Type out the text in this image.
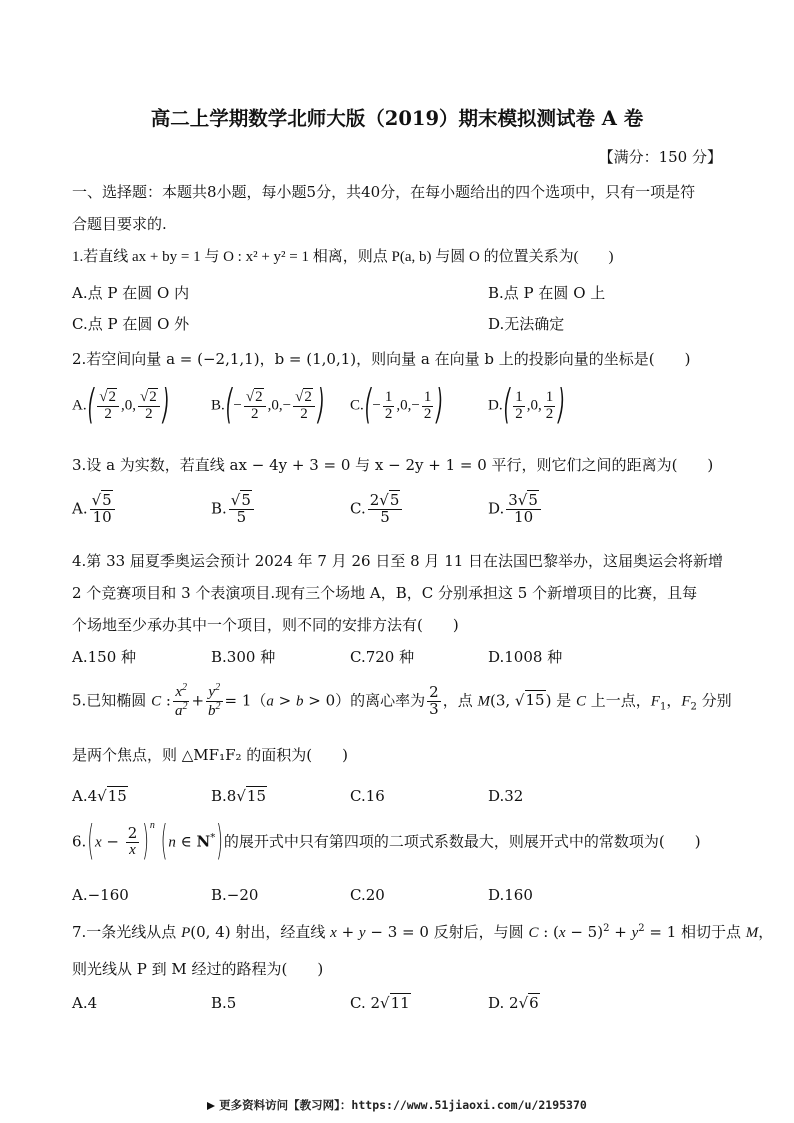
高二上学期数学北师大版（2019）期末模拟测试卷 A 卷
【满分：150 分】
一、选择题：本题共8小题，每小题5分，共40分，在每小题给出的四个选项中，只有一项是符
合题目要求的.
1.若直线 ax + by = 1 与 O : x² + y² = 1 相离，则点 P(a, b) 与圆 O 的位置关系为(　　)
A.点 P 在圆 O 内	B.点 P 在圆 O 上
C.点 P 在圆 O 外	D.无法确定
2.若空间向量 a = (−2,1,1)，b = (1,0,1)，则向量 a 在向量 b 上的投影向量的坐标是(　　)
$A.( \frac{√2}{2} ,0$, $\frac{√2}{2}$ )	$B.(- \frac{√2}{2} ,0,- \frac{√2}{2}$ ) $C.(- \frac{1}{2} ,0,- \frac{1}{2}$ )	$D.( \frac{1}{2} ,0$, $\frac{1}{2}$ )
3.设 a 为实数，若直线 ax − 4y + 3 = 0 与 x − 2y + 1 = 0 平行，则它们之间的距离为(　　)
A. $\frac{√5}{10}$	B. $\frac{√5}{5}$	C. $\frac{2√5}{5}$	D. $\frac{3√5}{10}$
4.第 33 届夏季奥运会预计 2024 年 7 月 26 日至 8 月 11 日在法国巴黎举办，这届奥运会将新增
2 个竞赛项目和 3 个表演项目.现有三个场地 A，B，C 分别承担这 5 个新增项目的比赛，且每
个场地至少承办其中一个项目，则不同的安排方法有(　　)
A.150 种	B.300 种	C.720 种	D.1008 种
5.已知椭圆 C : $\frac{x^2}{a^2} + \frac{y^2}{b^2} = 1(a > b > 0)$的离心率为 $\frac{2}{3}$ ，点 M(3, √15) 是 C 上一点，$F_1$，$F_2$ 分别
是两个焦点，则 △MF₁F₂ 的面积为(　　)
A.4√15	B.8√15	C.16	D.32
$6.(x - \frac{2}{x} )^n$ (n ∈ N*)的展开式中只有第四项的二项式系数最大，则展开式中的常数项为(　　)
A.−160	B.−20	C.20	D.160
7.一条光线从点 P(0, 4) 射出，经直线 x + y − 3 = 0 反射后，与圆 C : $(x - 5)^2 + y^2 = 1$ 相切于点 M，
则光线从 P 到 M 经过的路程为(　　)
A.4	B.5	C. 2√11	D. 2√6
更多资料访问【教习网】：https://www.51jiaoxi.com/u/2195370
